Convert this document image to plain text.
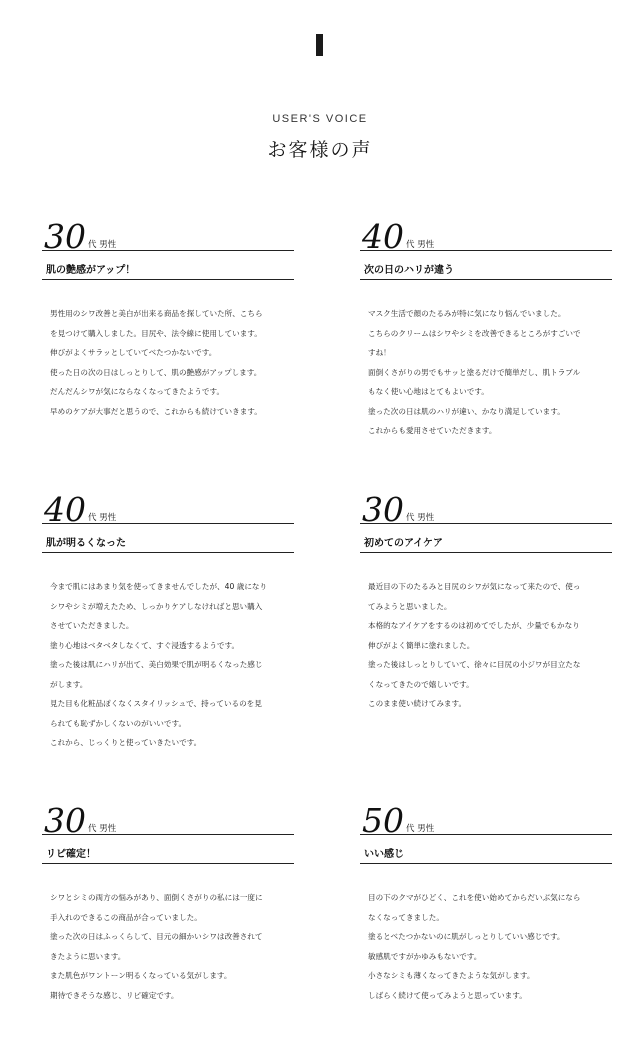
USER'S VOICE
お客様の声
30 代 男性
肌の艶感がアップ！

男性用のシワ改善と美白が出来る商品を探していた所、こちら

を見つけて購入しました。目尻や、法令線に使用しています。

伸びがよくサラッとしていてべたつかないです。

使った日の次の日はしっとりして、肌の艶感がアップします。

だんだんシワが気にならなくなってきたようです。

早めのケアが大事だと思うので、これからも続けていきます。

40 代 男性
次の日のハリが違う

マスク生活で顔のたるみが特に気になり悩んでいました。

こちらのクリームはシワやシミを改善できるところがすごいで

すね！

面倒くさがりの男でもサッと塗るだけで簡単だし、肌トラブル

もなく使い心地はとてもよいです。

塗った次の日は肌のハリが違い、かなり満足しています。

これからも愛用させていただきます。

40 代 男性
肌が明るくなった

今まで肌にはあまり気を使ってきませんでしたが、40 歳になり

シワやシミが増えたため、しっかりケアしなければと思い購入

させていただきました。

塗り心地はベタベタしなくて、すぐ浸透するようです。

塗った後は肌にハリが出て、美白効果で肌が明るくなった感じ

がします。

見た目も化粧品ぽくなくスタイリッシュで、持っているのを見

られても恥ずかしくないのがいいです。

これから、じっくりと使っていきたいです。

30 代 男性
初めてのアイケア

最近目の下のたるみと目尻のシワが気になって来たので、使っ

てみようと思いました。

本格的なアイケアをするのは初めてでしたが、少量でもかなり

伸びがよく簡単に塗れました。

塗った後はしっとりしていて、徐々に目尻の小ジワが目立たな

くなってきたので嬉しいです。

このまま使い続けてみます。

30 代 男性
リピ確定！

シワとシミの両方の悩みがあり、面倒くさがりの私には一度に

手入れのできるこの商品が合っていました。

塗った次の日はふっくらして、目元の細かいシワは改善されて

きたように思います。

また肌色がワントーン明るくなっている気がします。

期待できそうな感じ、リピ確定です。

50 代 男性
いい感じ

目の下のクマがひどく、これを使い始めてからだいぶ気になら

なくなってきました。

塗るとべたつかないのに肌がしっとりしていい感じです。

敏感肌ですがかゆみもないです。

小さなシミも薄くなってきたような気がします。

しばらく続けて使ってみようと思っています。
